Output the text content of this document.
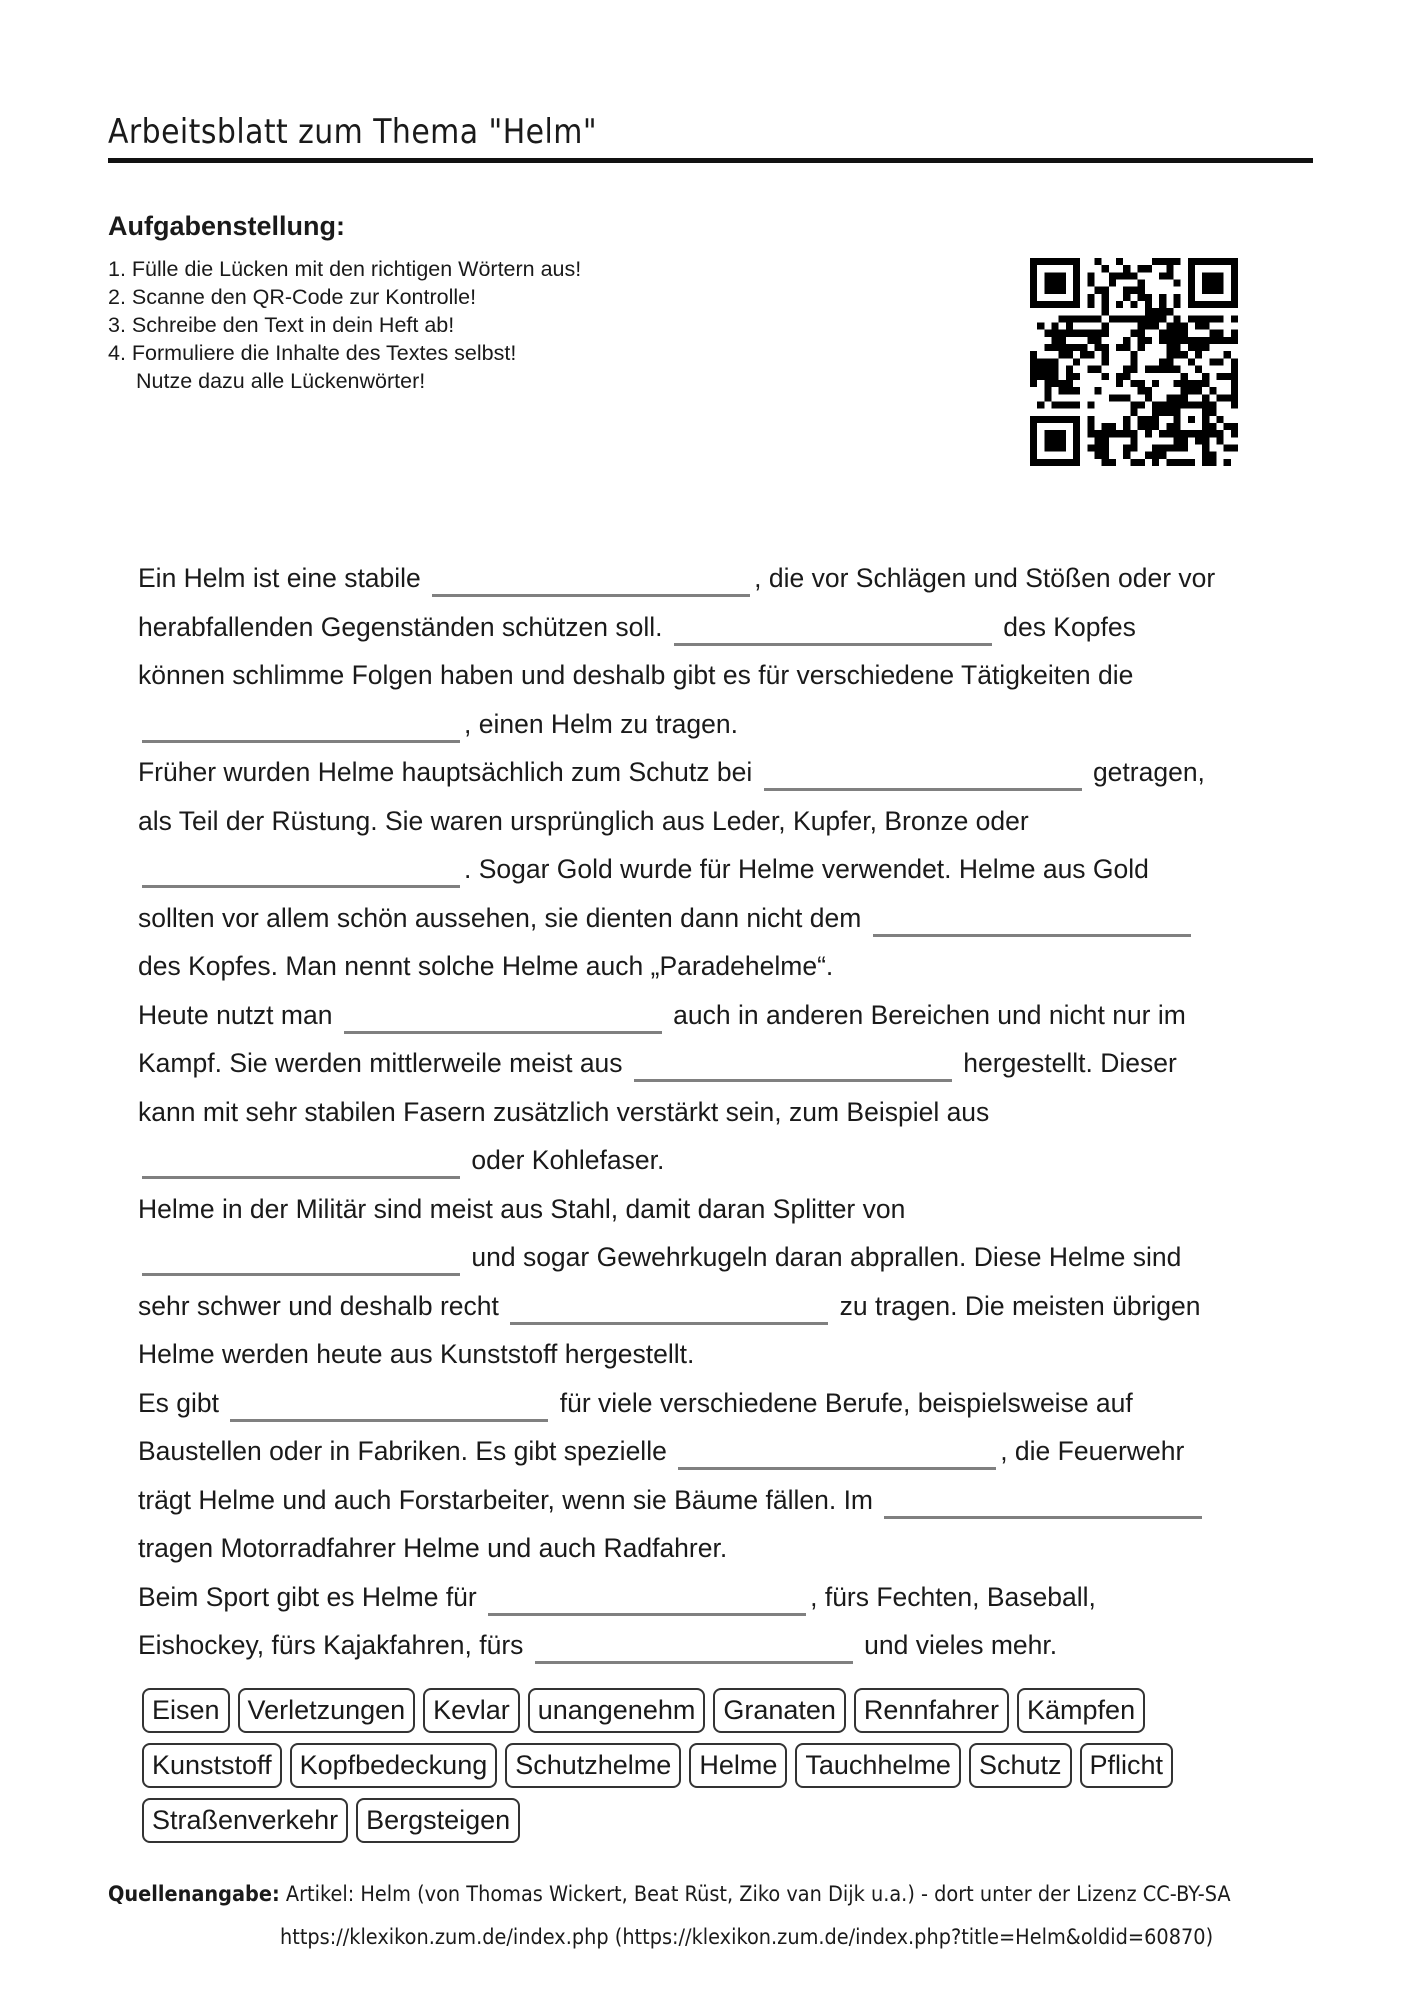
Arbeitsblatt zum Thema "Helm"
Aufgabenstellung:
1. Fülle die Lücken mit den richtigen Wörtern aus!
2. Scanne den QR-Code zur Kontrolle!
3. Schreibe den Text in dein Heft ab!
4. Formuliere die Inhalte des Textes selbst!
Nutze dazu alle Lückenwörter!
Ein Helm ist eine stabile	, die vor Schlägen und Stößen oder vor
herabfallenden Gegenständen schützen soll.	des Kopfes
können schlimme Folgen haben und deshalb gibt es für verschiedene Tätigkeiten die
, einen Helm zu tragen.
Früher wurden Helme hauptsächlich zum Schutz bei	getragen,
als Teil der Rüstung. Sie waren ursprünglich aus Leder, Kupfer, Bronze oder
. Sogar Gold wurde für Helme verwendet. Helme aus Gold
sollten vor allem schön aussehen, sie dienten dann nicht dem
des Kopfes. Man nennt solche Helme auch „Paradehelme“.
Heute nutzt man	auch in anderen Bereichen und nicht nur im
Kampf. Sie werden mittlerweile meist aus	hergestellt. Dieser
kann mit sehr stabilen Fasern zusätzlich verstärkt sein, zum Beispiel aus
oder Kohlefaser.
Helme in der Militär sind meist aus Stahl, damit daran Splitter von
und sogar Gewehrkugeln daran abprallen. Diese Helme sind
sehr schwer und deshalb recht	zu tragen. Die meisten übrigen
Helme werden heute aus Kunststoff hergestellt.
Es gibt	für viele verschiedene Berufe, beispielsweise auf
Baustellen oder in Fabriken. Es gibt spezielle	, die Feuerwehr
trägt Helme und auch Forstarbeiter, wenn sie Bäume fällen. Im
tragen Motorradfahrer Helme und auch Radfahrer.
Beim Sport gibt es Helme für	, fürs Fechten, Baseball,
Eishockey, fürs Kajakfahren, fürs	und vieles mehr.
Eisen	Verletzungen	Kevlar	unangenehm	Granaten	Rennfahrer	Kämpfen
Kunststoff	Kopfbedeckung	Schutzhelme	Helme	Tauchhelme	Schutz	Pflicht
Straßenverkehr	Bergsteigen
Quellenangabe: Artikel: Helm (von Thomas Wickert, Beat Rüst, Ziko van Dijk u.a.) - dort unter der Lizenz CC-BY-SA
https://klexikon.zum.de/index.php (https://klexikon.zum.de/index.php?title=Helm&oldid=60870)
